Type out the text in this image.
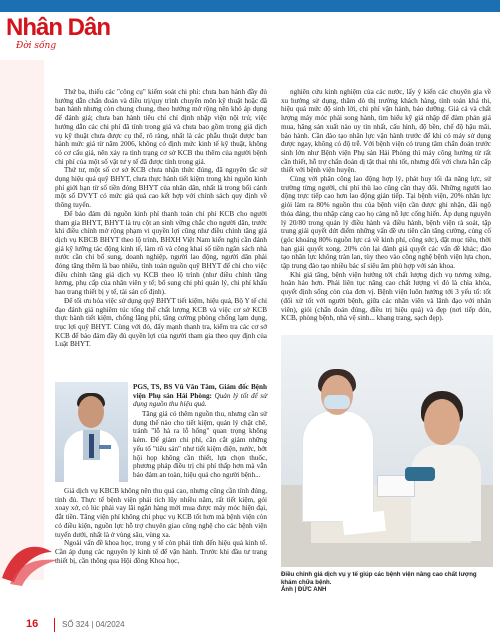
Nhân Dân
Đời sống

Thứ ba, thiếu các "công cụ" kiểm soát chi phí: chưa ban hành đầy đủ hướng dẫn chẩn đoán và điều trị/quy trình chuyên môn kỹ thuật hoặc đã ban hành nhưng còn chung chung, theo hướng mở rộng nên khó áp dụng để đánh giá; chưa ban hành tiêu chí chỉ định nhập viện nội trú; việc hướng dẫn các chi phí đã tính trong giá và chưa bao gồm trong giá dịch vụ kỹ thuật chưa được cụ thể, rõ ràng, nhất là các phẫu thuật được ban hành mức giá từ năm 2006, không có định mức kinh tế kỹ thuật, không có cơ cấu giá, nên xảy ra tình trạng cơ sở KCB thu thêm của người bệnh chi phí của một số vật tư y tế đã được tính trong giá.

Thứ tư, một số cơ sở KCB chưa nhận thức đúng, đã nguyên tắc sử dụng hiệu quả quỹ BHYT, chưa thực hành tiết kiệm trong khi nguồn kinh phí giới hạn từ số tiền đóng BHYT của nhân dân, nhất là trong bối cảnh một số DVYT có mức giá quá cao kết hợp với chính sách quy định về thông tuyến.

Để bảo đảm đủ nguồn kinh phí thanh toán chi phí KCB cho người tham gia BHYT, BHYT là trụ cột an sinh vững chắc cho người dân, trước khi điều chỉnh mở rộng phạm vi quyền lợi cũng như điều chỉnh tăng giá dịch vụ KBCB BHYT theo lộ trình, BHXH Việt Nam kiến nghị cần đánh giá kỹ lưỡng tác động kinh tế, làm rõ và công khai số tiền ngân sách nhà nước cần chi bổ sung, doanh nghiệp, người lao động, người dân phải đóng tăng thêm là bao nhiêu, tính toán nguồn quỹ BHYT để chi cho việc điều chỉnh tăng giá dịch vụ KCB theo lộ trình (như điều chỉnh tăng lương, phụ cấp của nhân viên y tế; bổ sung chi phí quản lý, chi phí khấu hao trang thiết bị y tế, tài sản cố định).

Để tối ưu hóa việc sử dụng quỹ BHYT tiết kiệm, hiệu quả, Bộ Y tế chỉ đạo đánh giá nghiêm túc tổng thể chất lượng KCB và việc cơ sở KCB thực hành tiết kiệm, chống lãng phí, tăng cường phòng chống lạm dụng, trục lợi quỹ BHYT. Cùng với đó, đẩy mạnh thanh tra, kiểm tra các cơ sở KCB để bảo đảm đầy đủ quyền lợi của người tham gia theo quy định của Luật BHYT.

PGS, TS, BS Vũ Văn Tâm, Giám đốc Bệnh viện Phụ sản Hải Phòng: Quản lý tốt để sử dụng nguồn thu hiệu quả.

Tăng giá có thêm nguồn thu, nhưng cần sử dụng thế nào cho tiết kiệm, quản lý chặt chẽ, tránh "lỗ hà ra lỗ hổng" quan trọng không kém. Để giảm chi phí, cần cắt giảm những yếu tố "tiêu sản" như tiết kiệm điện, nước, bớt hội họp không cần thiết, lựa chọn thuốc, phương pháp điều trị chi phí thấp hơn mà vẫn bảo đảm an toàn, hiệu quả cho người bệnh...

Giá dịch vụ KBCB không nên thu quá cao, nhưng cũng cần tính đúng, tính đủ. Thực tế bệnh viện phải tích lũy nhiều năm, rất tiết kiệm, gói xoay xở, có lúc phải vay lãi ngân hàng mới mua được máy móc hiện đại, đắt tiền. Tăng viện phí không chỉ phục vụ KCB tốt hơn mà bệnh viện còn có điều kiện, nguồn lực hỗ trợ chuyên giao công nghệ cho các bệnh viện tuyến dưới, nhất là ở vùng sâu, vùng xa.

Ngoài vấn đề khoa học, trong y tế còn phải tính đến hiệu quả kinh tế. Cần áp dụng các nguyên lý kinh tế để vận hành. Trước khi đầu tư trang thiết bị, cần thông qua Hội đồng Khoa học,

nghiên cứu kinh nghiệm của các nước, lấy ý kiến các chuyên gia về xu hướng sử dụng, thăm dò thị trường khách hàng, tính toán khả thi, hiệu quả mức độ sinh lời, chi phí vận hành, bảo dưỡng. Giá cả và chất lượng máy móc phải song hành, tìm hiểu kỹ giá nhập để đàm phán giá mua, hãng sản xuất nào uy tín nhất, cấu hình, độ bền, chế độ hậu mãi, bảo hành. Cần đào tạo nhân lực vận hành trước để khi có máy sử dụng được ngay, không có độ trễ. Với bệnh viện có trung tâm chẩn đoán trước sinh lớn như Bệnh viện Phụ sản Hải Phòng thì máy công hướng từ rất cần thiết, hỗ trợ chẩn đoán dị tật thai nhi tốt, nhưng đối với chưa hẳn cấp thiết với bệnh viện huyện.

Cùng với phân công lao động hợp lý, phát huy tối đa năng lực, sử trường từng người, chi phí thù lao cũng cần thay đổi. Những người lao động trực tiếp cao hơn lao động gián tiếp. Tại bệnh viện, 20% nhân lực giỏi làm ra 80% nguồn thu của bệnh viện cần được ghi nhận, đãi ngộ thỏa đáng, thu nhập càng cao họ càng nỗ lực cống hiến. Áp dụng nguyên lý 20/80 trong quản lý điều hành và điều hành, bệnh viện rà soát, tập trung giải quyết dứt điểm những vấn đề ưu tiên cần tăng cường, củng cố (góc khoảng 80% nguồn lực cả về kinh phí, công sức), đặt mục tiêu, thời hạn giải quyết xong. 20% còn lại đánh giá quyết các vấn đề khác; đào tạo nhân lực không tràn lan, tùy theo vào công nghệ bệnh viện lựa chọn, tập trung đào tạo nhiều bác sĩ siêu âm phù hợp với sản khoa.

Khi giá tăng, bệnh viện hướng tới chất lượng dịch vụ tương xứng, hoàn hảo hơn. Phải liên tục nâng cao chất lượng vì đó là chìa khóa, quyết định sống còn của đơn vị. Bệnh viện luôn hướng tới 3 yếu tố: tốt (đối xử tốt với người bệnh, giữa các nhân viên và lãnh đạo với nhân viên), giỏi (chẩn đoán đúng, điều trị hiệu quả) và đẹp (nơi tiếp đón, KCB, phòng bệnh, nhà vệ sinh... khang trang, sạch đẹp).

Điều chỉnh giá dịch vụ y tế giúp các bệnh viện nâng cao chất lượng khám chữa bệnh.
Ảnh | ĐỨC ANH
16	SỐ 324 | 04/2024
